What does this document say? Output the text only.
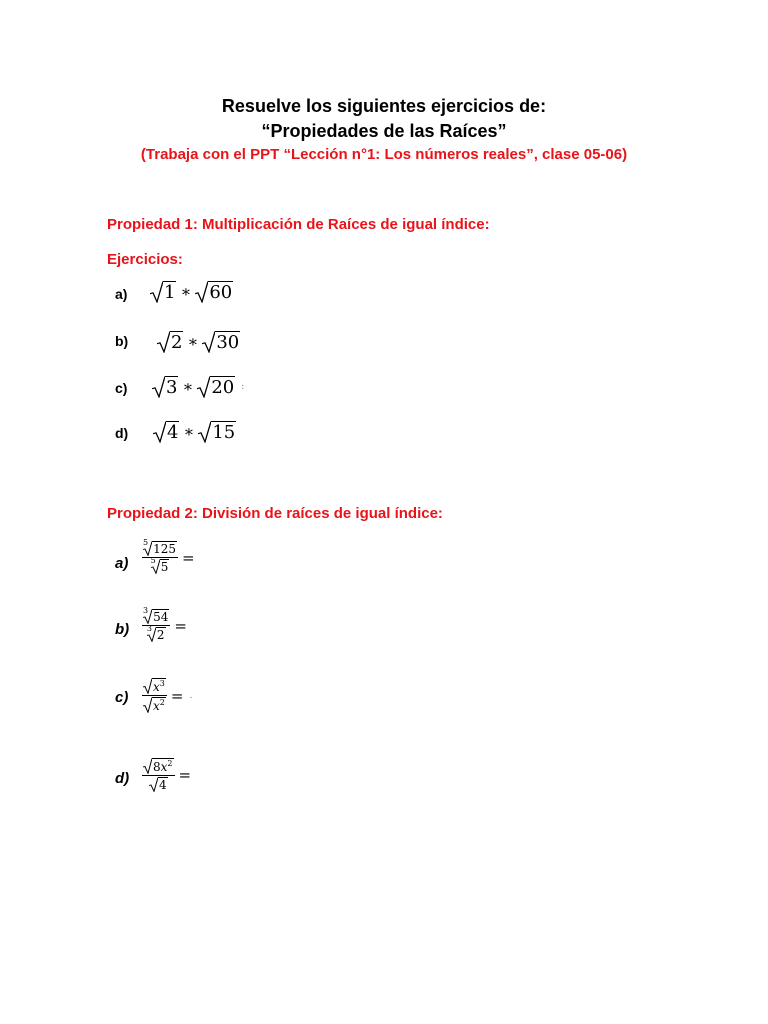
Resuelve los siguientes ejercicios de:
“Propiedades de las Raíces”
(Trabaja con el PPT “Lección n°1: Los números reales”, clase 05-06)
Propiedad 1: Multiplicación de Raíces de igual índice:
Ejercicios:
a) 1 ∗ 60
b) 2 ∗ 30
c) 3 ∗ 20 :
d) 4 ∗ 15
Propiedad 2: División de raíces de igual índice:
$a) \frac{5 125}{5 5}$ =
$b) \frac{3 54}{3 2}$ =
$c) \frac{x^3}{x^2}$ = .
$d) \frac{8x^2}{4}$ =
